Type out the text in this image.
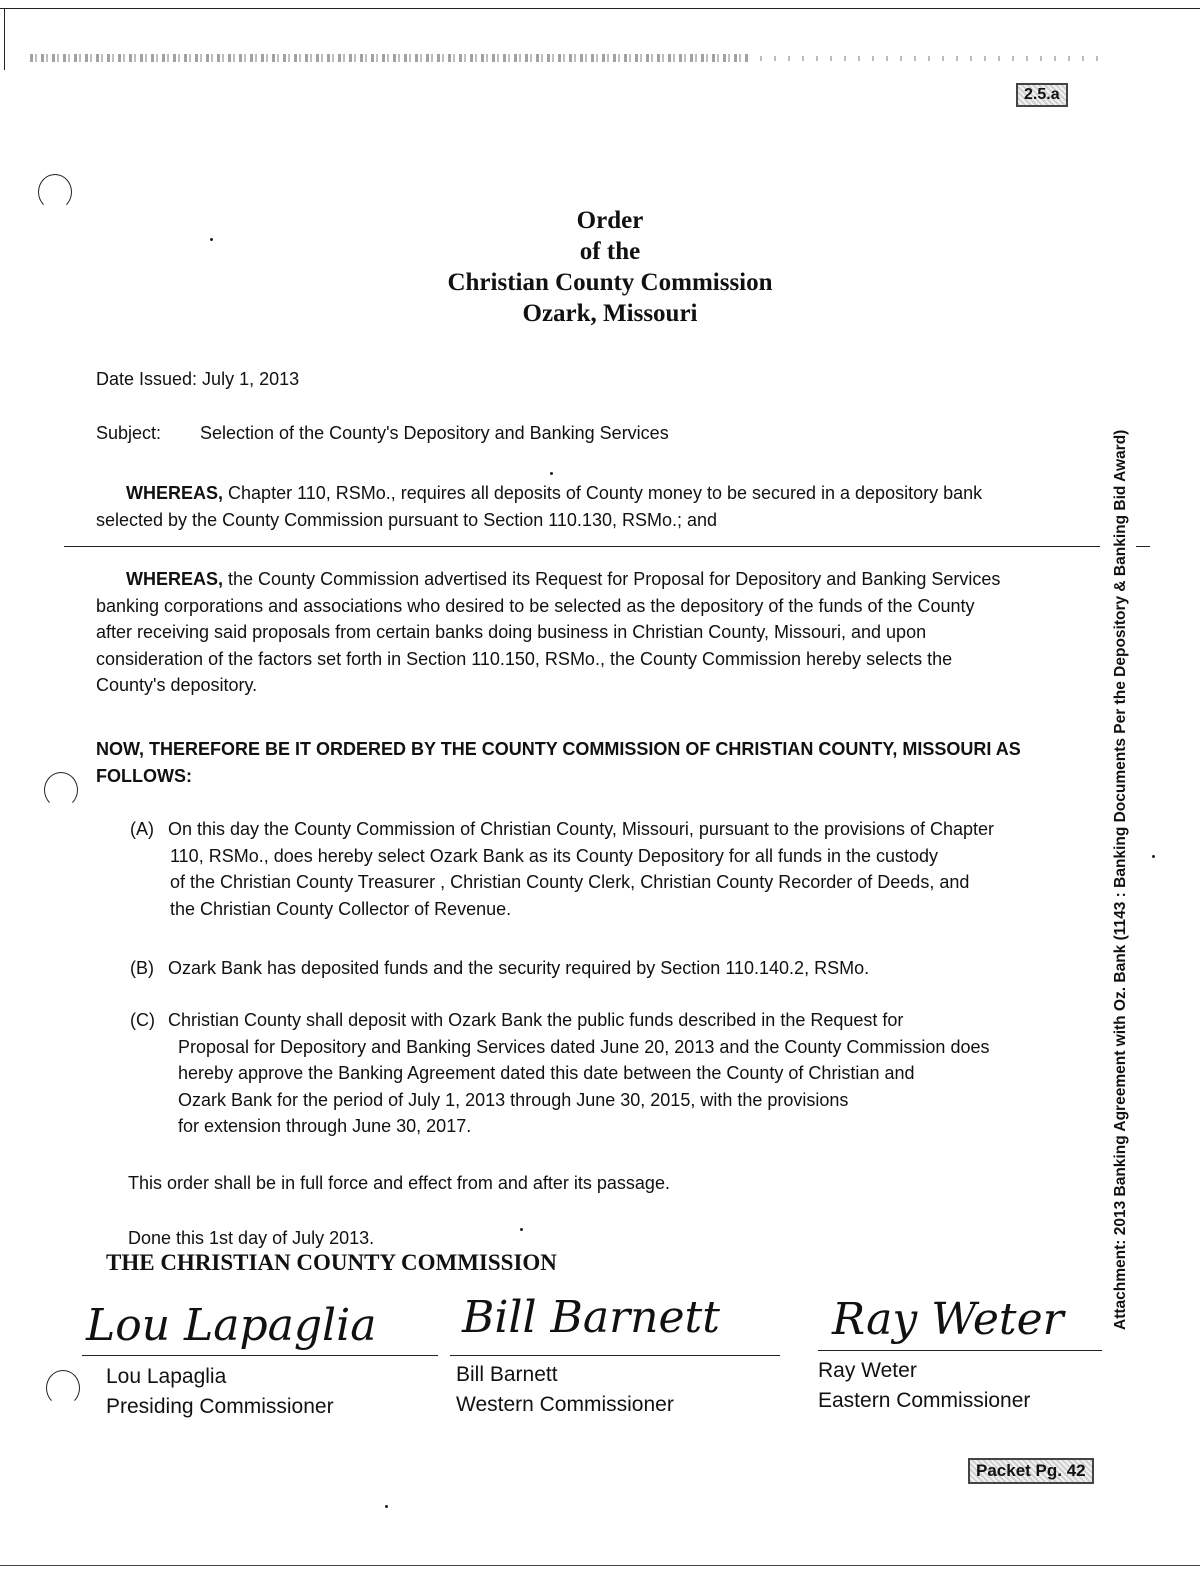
2.5.a
Packet Pg. 42
Order
of the
Christian County Commission
Ozark, Missouri
Date Issued: July 1, 2013
Subject: Selection of the County's Depository and Banking Services
WHEREAS, Chapter 110, RSMo., requires all deposits of County money to be secured in a depository bank
selected by the County Commission pursuant to Section 110.130, RSMo.; and
WHEREAS, the County Commission advertised its Request for Proposal for Depository and Banking Services
banking corporations and associations who desired to be selected as the depository of the funds of the County
after receiving said proposals from certain banks doing business in Christian County, Missouri, and upon
consideration of the factors set forth in Section 110.150, RSMo., the County Commission hereby selects the
County's depository.
NOW, THEREFORE BE IT ORDERED BY THE COUNTY COMMISSION OF CHRISTIAN COUNTY, MISSOURI AS
FOLLOWS:
(A) On this day the County Commission of Christian County, Missouri, pursuant to the provisions of Chapter
110, RSMo., does hereby select Ozark Bank as its County Depository for all funds in the custody
of the Christian County Treasurer , Christian County Clerk, Christian County Recorder of Deeds, and
the Christian County Collector of Revenue.
(B) Ozark Bank has deposited funds and the security required by Section 110.140.2, RSMo.
(C) Christian County shall deposit with Ozark Bank the public funds described in the Request for
Proposal for Depository and Banking Services dated June 20, 2013 and the County Commission does
hereby approve the Banking Agreement dated this date between the County of Christian and
Ozark Bank for the period of July 1, 2013 through June 30, 2015, with the provisions
for extension through June 30, 2017.
This order shall be in full force and effect from and after its passage.
Done this 1st day of July 2013.
THE CHRISTIAN COUNTY COMMISSION
Lou Lapaglia Bill Barnett	Ray Weter
Lou Lapaglia
Presiding Commissioner
Bill Barnett
Western Commissioner
Ray Weter
Eastern Commissioner
Attachment: 2013 Banking Agreement with Oz. Bank (1143 : Banking Documents Per the Depository & Banking Bid Award)
